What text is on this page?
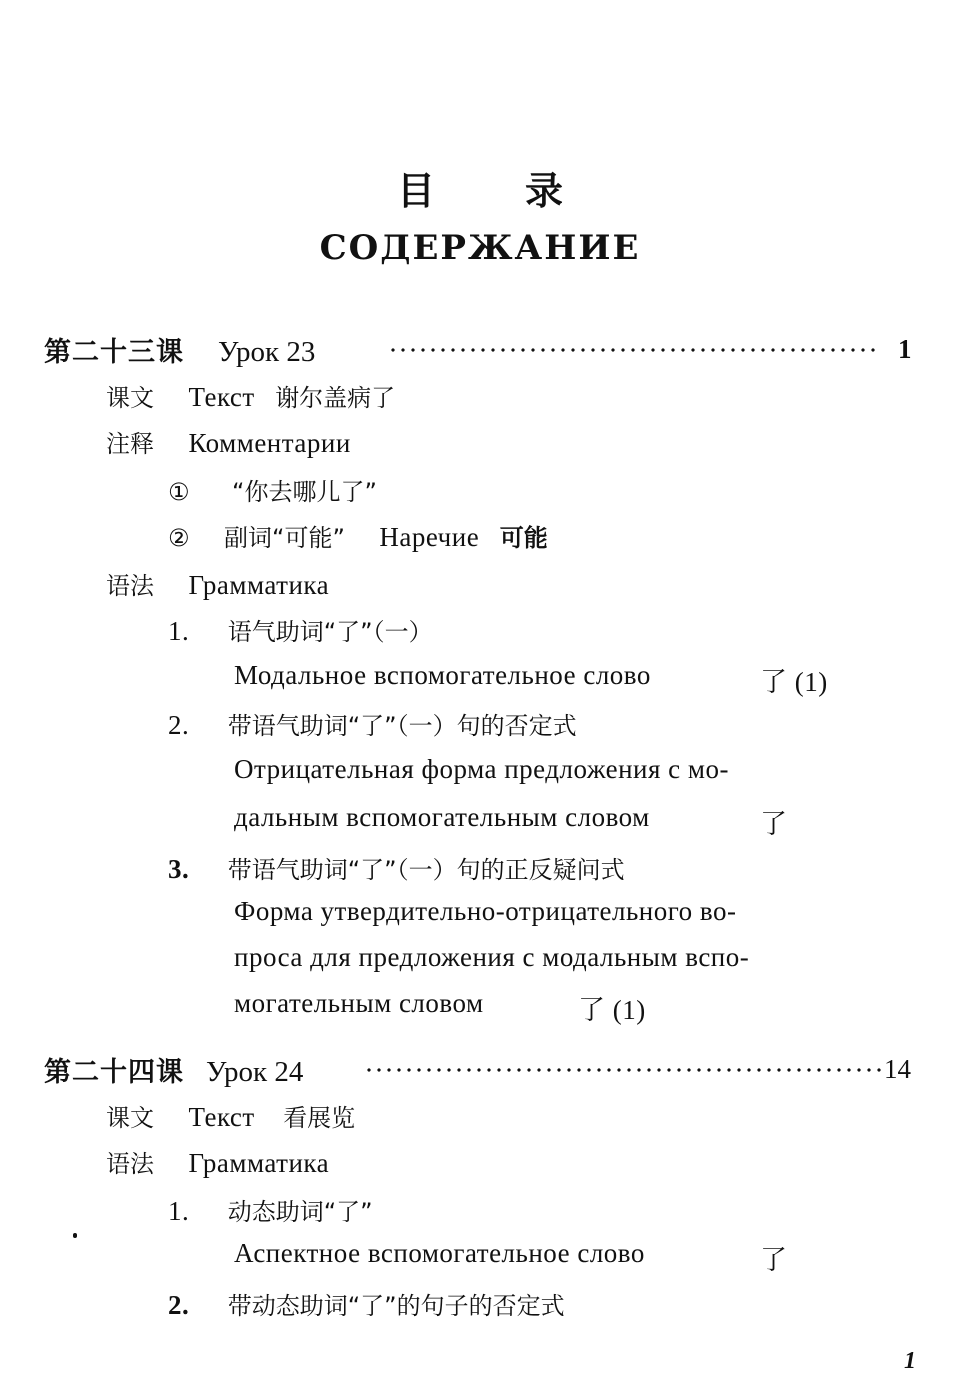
目 录
СОДЕРЖАНИЕ
第二十三课 Урок 23	1
课文 Текст 谢尔盖病了
注释 Комментарии
① “你去哪儿了”
② 副词“可能” Наречие 可能
语法 Грамматика
1. 语气助词“了”（一）
Модальное вспомогательное слово	了 (1)
2. 带语气助词“了”（一）句的否定式
Отрицательная форма предложения с мо-
дальным вспомогательным словом	了
3. 带语气助词“了”（一）句的正反疑问式
Форма утвердительно-отрицательного во-
проса для предложения с модальным вспо-
могательным словом	了 (1)
第二十四课 Урок 24	14
课文 Текст 看展览
语法 Грамматика
1. 动态助词“了”
Аспектное вспомогательное слово	了
2. 带动态助词“了”的句子的否定式
1
